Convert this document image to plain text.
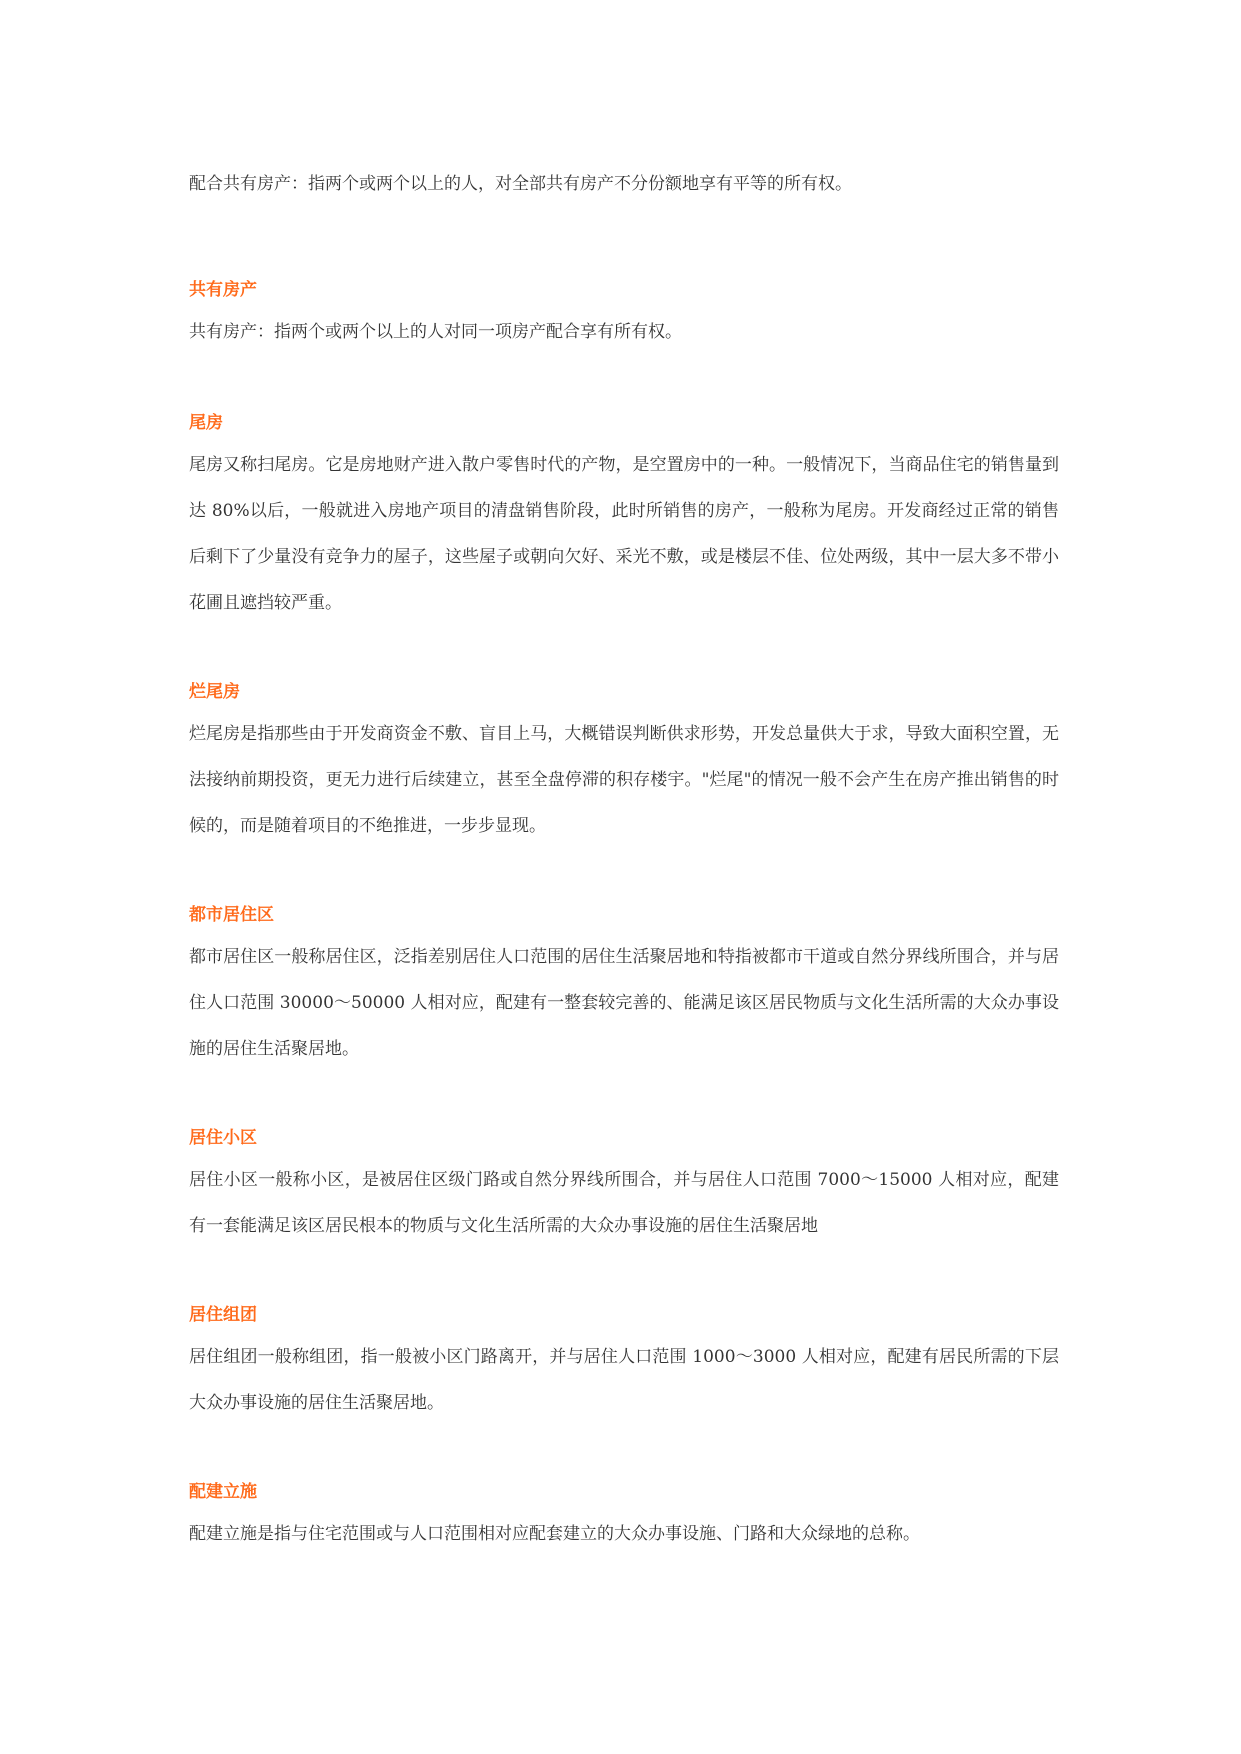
配合共有房产：指两个或两个以上的人，对全部共有房产不分份额地享有平等的所有权。

共有房产

共有房产：指两个或两个以上的人对同一项房产配合享有所有权。

尾房

尾房又称扫尾房。它是房地财产进入散户零售时代的产物，是空置房中的一种。一般情况下，当商品住宅的销售量到达 80%以后，一般就进入房地产项目的清盘销售阶段，此时所销售的房产，一般称为尾房。开发商经过正常的销售后剩下了少量没有竞争力的屋子，这些屋子或朝向欠好、采光不敷，或是楼层不佳、位处两级，其中一层大多不带小花圃且遮挡较严重。

烂尾房

烂尾房是指那些由于开发商资金不敷、盲目上马，大概错误判断供求形势，开发总量供大于求，导致大面积空置，无法接纳前期投资，更无力进行后续建立，甚至全盘停滞的积存楼宇。"烂尾"的情况一般不会产生在房产推出销售的时候的，而是随着项目的不绝推进，一步步显现。

都市居住区

都市居住区一般称居住区，泛指差别居住人口范围的居住生活聚居地和特指被都市干道或自然分界线所围合，并与居住人口范围 30000～50000 人相对应，配建有一整套较完善的、能满足该区居民物质与文化生活所需的大众办事设施的居住生活聚居地。

居住小区

居住小区一般称小区，是被居住区级门路或自然分界线所围合，并与居住人口范围 7000～15000 人相对应，配建有一套能满足该区居民根本的物质与文化生活所需的大众办事设施的居住生活聚居地

居住组团

居住组团一般称组团，指一般被小区门路离开，并与居住人口范围 1000～3000 人相对应，配建有居民所需的下层大众办事设施的居住生活聚居地。

配建立施

配建立施是指与住宅范围或与人口范围相对应配套建立的大众办事设施、门路和大众绿地的总称。
